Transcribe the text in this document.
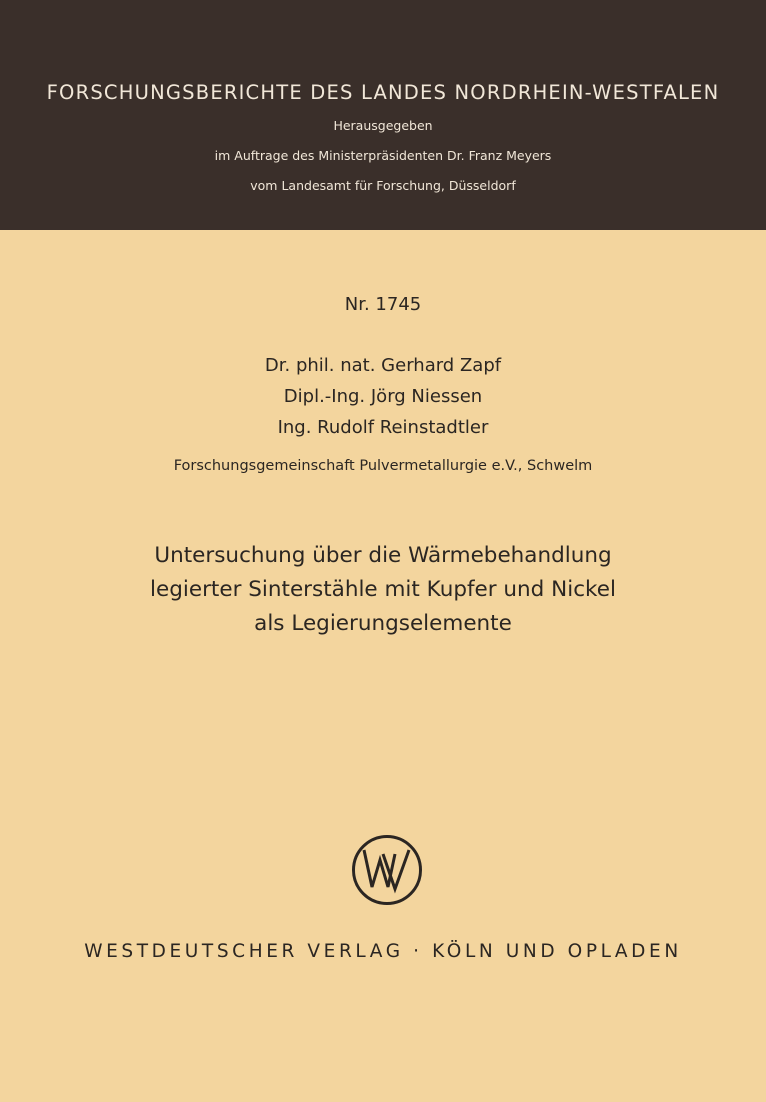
FORSCHUNGSBERICHTE DES LANDES NORDRHEIN-WESTFALEN
Herausgegeben
im Auftrage des Ministerpräsidenten Dr. Franz Meyers
vom Landesamt für Forschung, Düsseldorf
Nr. 1745
Dr. phil. nat. Gerhard Zapf
Dipl.-Ing. Jörg Niessen
Ing. Rudolf Reinstadtler
Forschungsgemeinschaft Pulvermetallurgie e.V., Schwelm
Untersuchung über die Wärmebehandlung
legierter Sinterstähle mit Kupfer und Nickel
als Legierungselemente
WESTDEUTSCHER VERLAG · KÖLN UND OPLADEN
